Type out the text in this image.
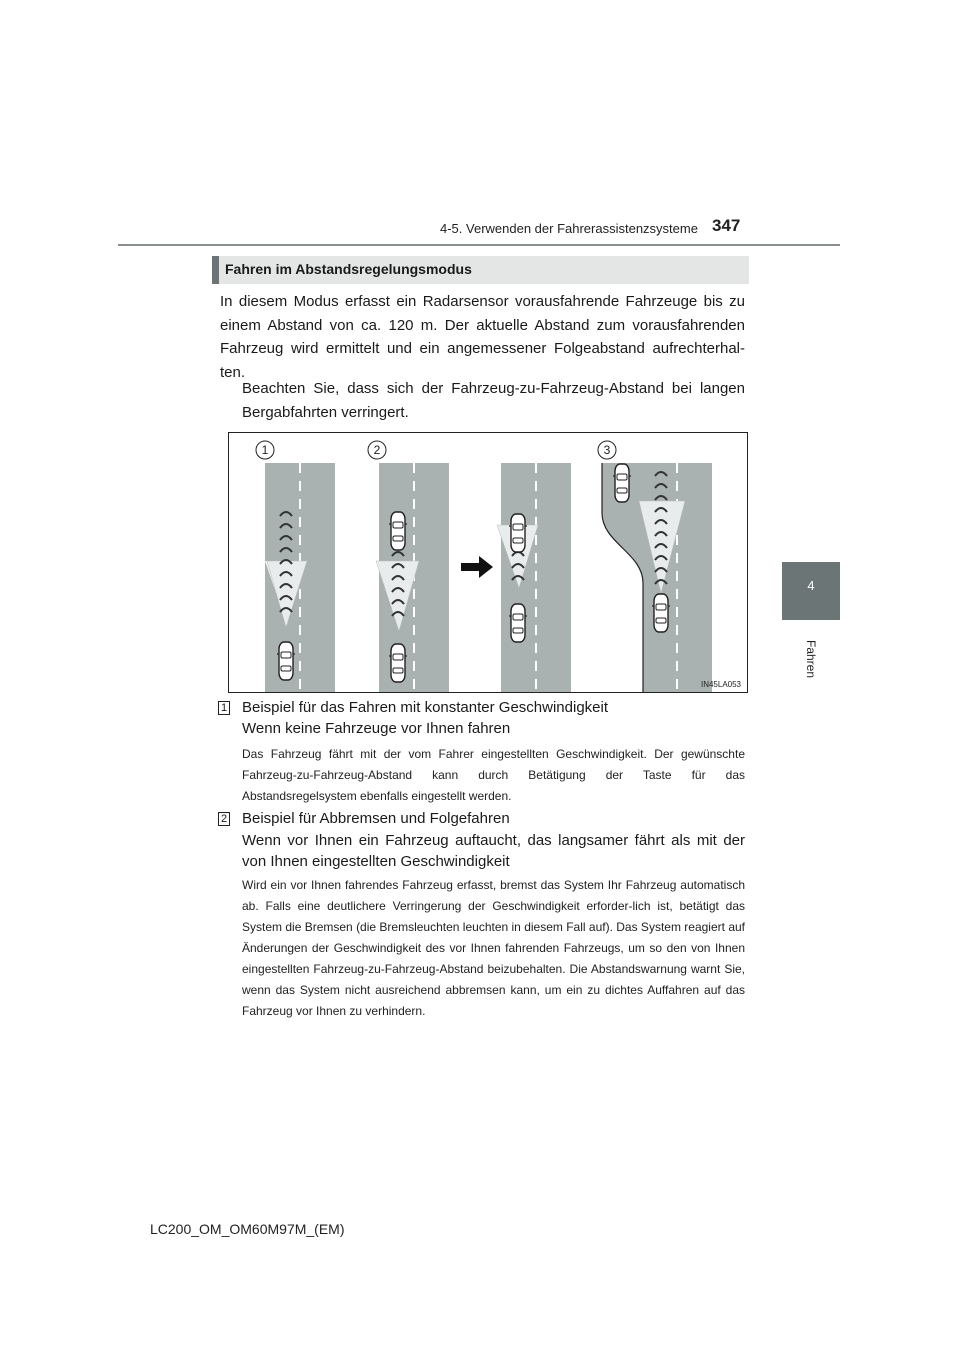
4-5. Verwenden der Fahrerassistenzsysteme 347
4
Fahren
Fahren im Abstandsregelungsmodus
In diesem Modus erfasst ein Radarsensor vorausfahrende Fahrzeuge bis zu einem Abstand von ca. 120 m. Der aktuelle Abstand zum vorausfahrenden Fahrzeug wird ermittelt und ein angemessener Folgeabstand aufrechterhal-ten.
Beachten Sie, dass sich der Fahrzeug-zu-Fahrzeug-Abstand bei langen Bergabfahrten verringert.
1	2	3
IN45LA053
1 Beispiel für das Fahren mit konstanter Geschwindigkeit
Wenn keine Fahrzeuge vor Ihnen fahren
Das Fahrzeug fährt mit der vom Fahrer eingestellten Geschwindigkeit. Der gewünschte Fahrzeug-zu-Fahrzeug-Abstand kann durch Betätigung der Taste für das Abstandsregelsystem ebenfalls eingestellt werden.
2 Beispiel für Abbremsen und Folgefahren
Wenn vor Ihnen ein Fahrzeug auftaucht, das langsamer fährt als mit der von Ihnen eingestellten Geschwindigkeit
Wird ein vor Ihnen fahrendes Fahrzeug erfasst, bremst das System Ihr Fahrzeug automatisch ab. Falls eine deutlichere Verringerung der Geschwindigkeit erforder-lich ist, betätigt das System die Bremsen (die Bremsleuchten leuchten in diesem Fall auf). Das System reagiert auf Änderungen der Geschwindigkeit des vor Ihnen fahrenden Fahrzeugs, um so den von Ihnen eingestellten Fahrzeug-zu-Fahrzeug-Abstand beizubehalten. Die Abstandswarnung warnt Sie, wenn das System nicht ausreichend abbremsen kann, um ein zu dichtes Auffahren auf das Fahrzeug vor Ihnen zu verhindern.
LC200_OM_OM60M97M_(EM)
